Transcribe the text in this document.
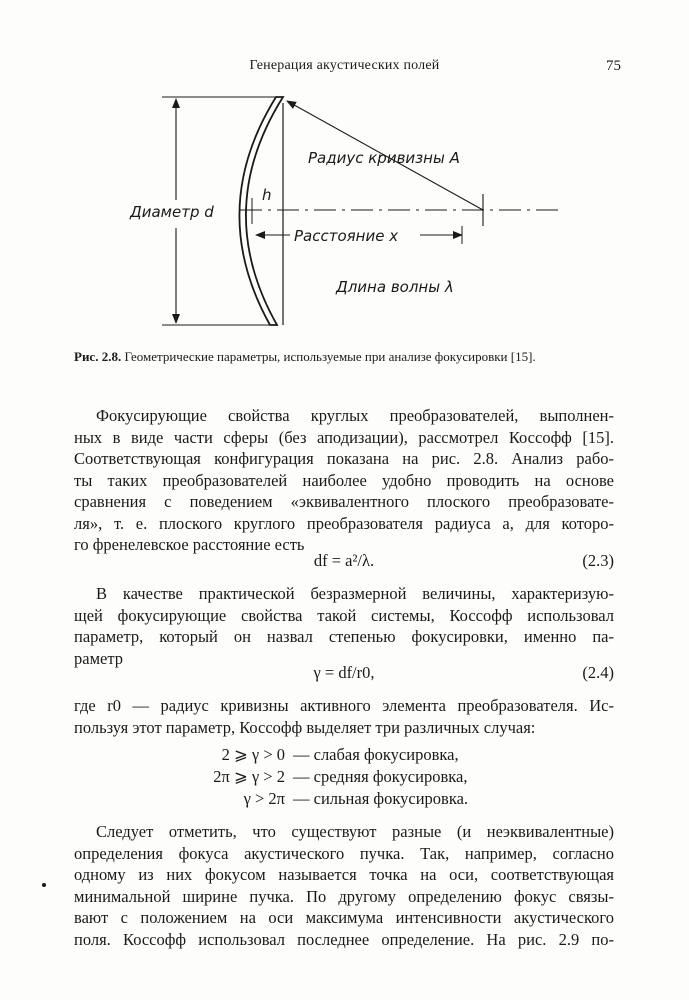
Генерация акустических полей	75
Радиус кривизны A
h
Диаметр d
Расстояние x
Длина волны λ
Рис. 2.8. Геометрические параметры, используемые при анализе фокусировки [15].
Фокусирующие свойства круглых преобразователей, выполнен-
ных в виде части сферы (без аподизации), рассмотрел Коссофф [15].
Соответствующая конфигурация показана на рис. 2.8. Анализ рабо-
ты таких преобразователей наиболее удобно проводить на основе
сравнения с поведением «эквивалентного плоского преобразовате-
ля», т. е. плоского круглого преобразователя радиуса a, для которо-
го френелевское расстояние есть
df = a²/λ.	(2.3)
В качестве практической безразмерной величины, характеризую-
щей фокусирующие свойства такой системы, Коссофф использовал
параметр, который он назвал степенью фокусировки, именно па-
раметр
γ = df/r0,	(2.4)
где r0 — радиус кривизны активного элемента преобразователя. Ис-
пользуя этот параметр, Коссофф выделяет три различных случая:
2 ⩾ γ > 0 — слабая фокусировка,
2π ⩾ γ > 2 — средняя фокусировка,
γ > 2π — сильная фокусировка.
Следует отметить, что существуют разные (и неэквивалентные)
определения фокуса акустического пучка. Так, например, согласно
одному из них фокусом называется точка на оси, соответствующая
минимальной ширине пучка. По другому определению фокус связы-
вают с положением на оси максимума интенсивности акустического
поля. Коссофф использовал последнее определение. На рис. 2.9 по-
